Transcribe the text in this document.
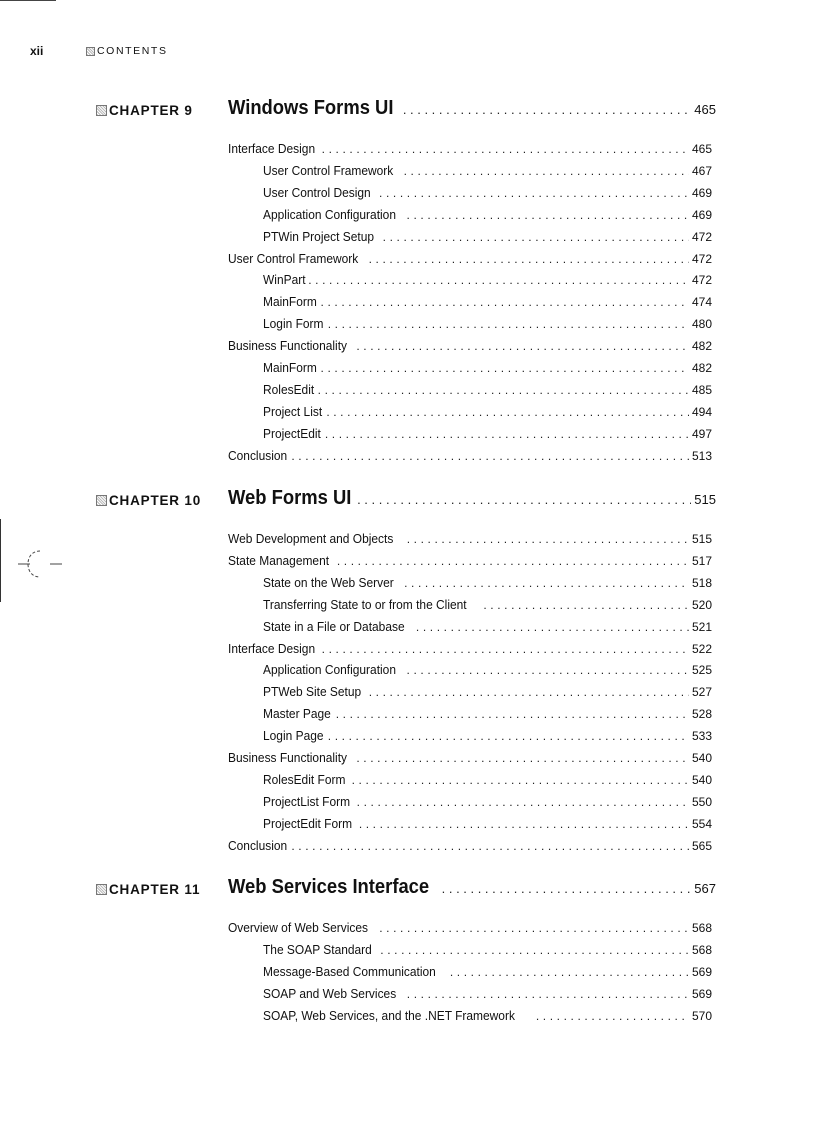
xii	CONTENTS
CHAPTER 9 Windows Forms UI .....	465
Interface Design .....	465
User Control Framework .....	467
User Control Design .....	469
Application Configuration .....	469
PTWin Project Setup .....	472
User Control Framework .....	472
WinPart .....	472
MainForm .....	474
Login Form .....	480
Business Functionality .....	482
MainForm .....	482
RolesEdit .....	485
Project List .....	494
ProjectEdit .....	497
Conclusion .....	513
CHAPTER 10 Web Forms UI .....	515
Web Development and Objects .....	515
State Management .....	517
State on the Web Server .....	518
Transferring State to or from the Client .....	520
State in a File or Database .....	521
Interface Design .....	522
Application Configuration .....	525
PTWeb Site Setup .....	527
Master Page .....	528
Login Page .....	533
Business Functionality .....	540
RolesEdit Form .....	540
ProjectList Form .....	550
ProjectEdit Form .....	554
Conclusion .....	565
CHAPTER 11 Web Services Interface .....	567
Overview of Web Services .....	568
The SOAP Standard .....	568
Message-Based Communication .....	569
SOAP and Web Services .....	569
SOAP, Web Services, and the .NET Framework .....	570
